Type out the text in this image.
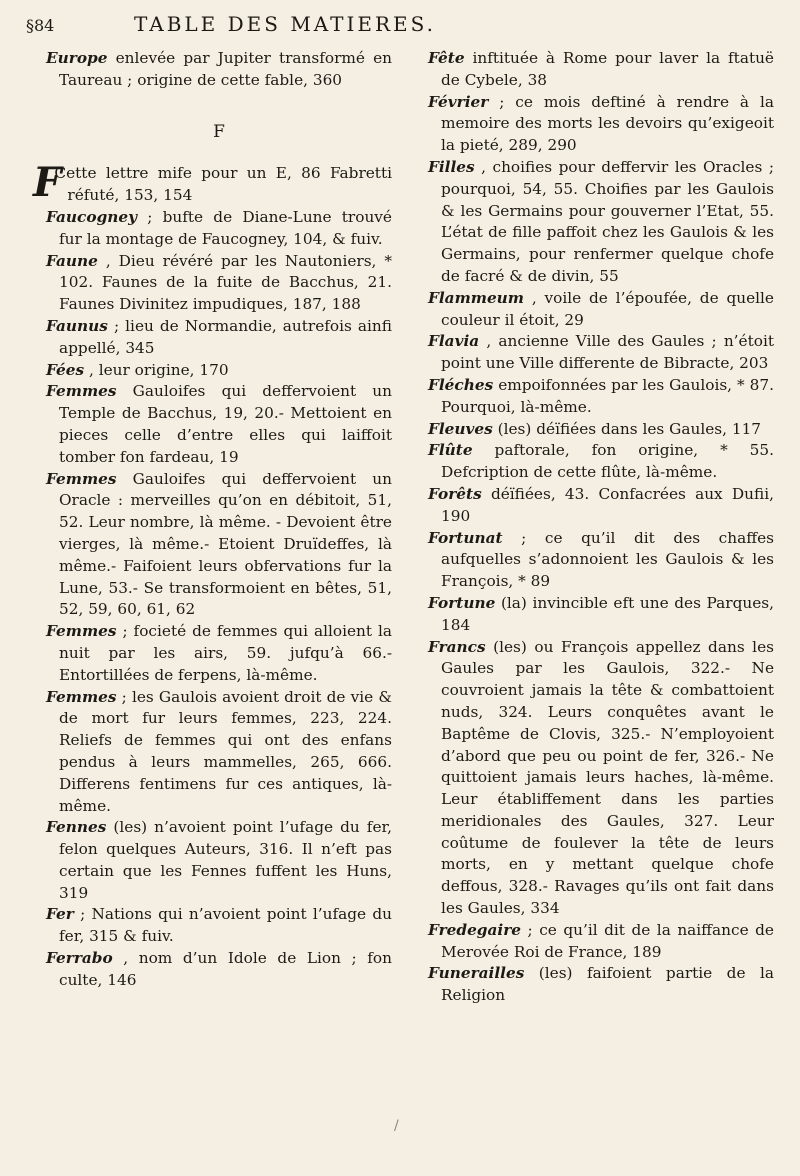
§84	TABLE DES MATIERES.
Europe enlevée par Jupiter transformé en Taureau ; origine de cette fable, 360
F
F
Cette lettre mife pour un E, 86 Fabretti réfuté, 153, 154
Faucogney ; bufte de Diane-Lune trouvé fur la montage de Faucogney, 104, & fuiv.
Faune , Dieu révéré par les Nautoniers, * 102. Faunes de la fuite de Bacchus, 21. Faunes Divinitez impudiques, 187, 188
Faunus ; lieu de Normandie, autrefois ainfi appellé, 345
Fées , leur origine, 170
Femmes Gauloifes qui deffervoient un Temple de Bacchus, 19, 20.- Mettoient en pieces celle d’entre elles qui laiffoit tomber fon fardeau, 19
Femmes Gauloifes qui deffervoient un Oracle : merveilles qu’on en débitoit, 51, 52. Leur nombre, là même. - Devoient être vierges, là même.- Etoient Druïdeffes, là même.- Faifoient leurs obfervations fur la Lune, 53.- Se transformoient en bêtes, 51, 52, 59, 60, 61, 62
Femmes ; focieté de femmes qui alloient la nuit par les airs, 59. jufqu’à 66.- Entortillées de ferpens, là-même.
Femmes ; les Gaulois avoient droit de vie & de mort fur leurs femmes, 223, 224. Reliefs de femmes qui ont des enfans pendus à leurs mammelles, 265, 666. Differens fentimens fur ces antiques, là-même.
Fennes (les) n’avoient point l’ufage du fer, felon quelques Auteurs, 316. Il n’eft pas certain que les Fennes fuffent les Huns, 319
Fer ; Nations qui n’avoient point l’ufage du fer, 315 & fuiv.
Ferrabo , nom d’un Idole de Lion ; fon culte, 146
Fête inftituée à Rome pour laver la ftatuë de Cybele, 38
Février ; ce mois deftiné à rendre à la memoire des morts les devoirs qu’exigeoit la pieté, 289, 290
Filles , choifies pour deffervir les Oracles ; pourquoi, 54, 55. Choifies par les Gaulois & les Germains pour gouverner l’Etat, 55. L’état de fille paffoit chez les Gaulois & les Germains, pour renfermer quelque chofe de facré & de divin, 55
Flammeum , voile de l’époufée, de quelle couleur il étoit, 29
Flavia , ancienne Ville des Gaules ; n’étoit point une Ville differente de Bibracte, 203
Fléches empoifonnées par les Gaulois, * 87. Pourquoi, là-même.
Fleuves (les) déïfiées dans les Gaules, 117
Flûte paftorale, fon origine, * 55. Defcription de cette flûte, là-même.
Forêts déïfiées, 43. Confacrées aux Dufii, 190
Fortunat ; ce qu’il dit des chaffes aufquelles s’adonnoient les Gaulois & les François, * 89
Fortune (la) invincible eft une des Parques, 184
Francs (les) ou François appellez dans les Gaules par les Gaulois, 322.- Ne couvroient jamais la tête & combattoient nuds, 324. Leurs conquêtes avant le Baptême de Clovis, 325.- N’employoient d’abord que peu ou point de fer, 326.- Ne quittoient jamais leurs haches, là-même. Leur établiffement dans les parties meridionales des Gaules, 327. Leur coûtume de foulever la tête de leurs morts, en y mettant quelque chofe deffous, 328.- Ravages qu’ils ont fait dans les Gaules, 334
Fredegaire ; ce qu’il dit de la naiffance de Merovée Roi de France, 189
Funerailles (les) faifoient partie de la Religion
/
